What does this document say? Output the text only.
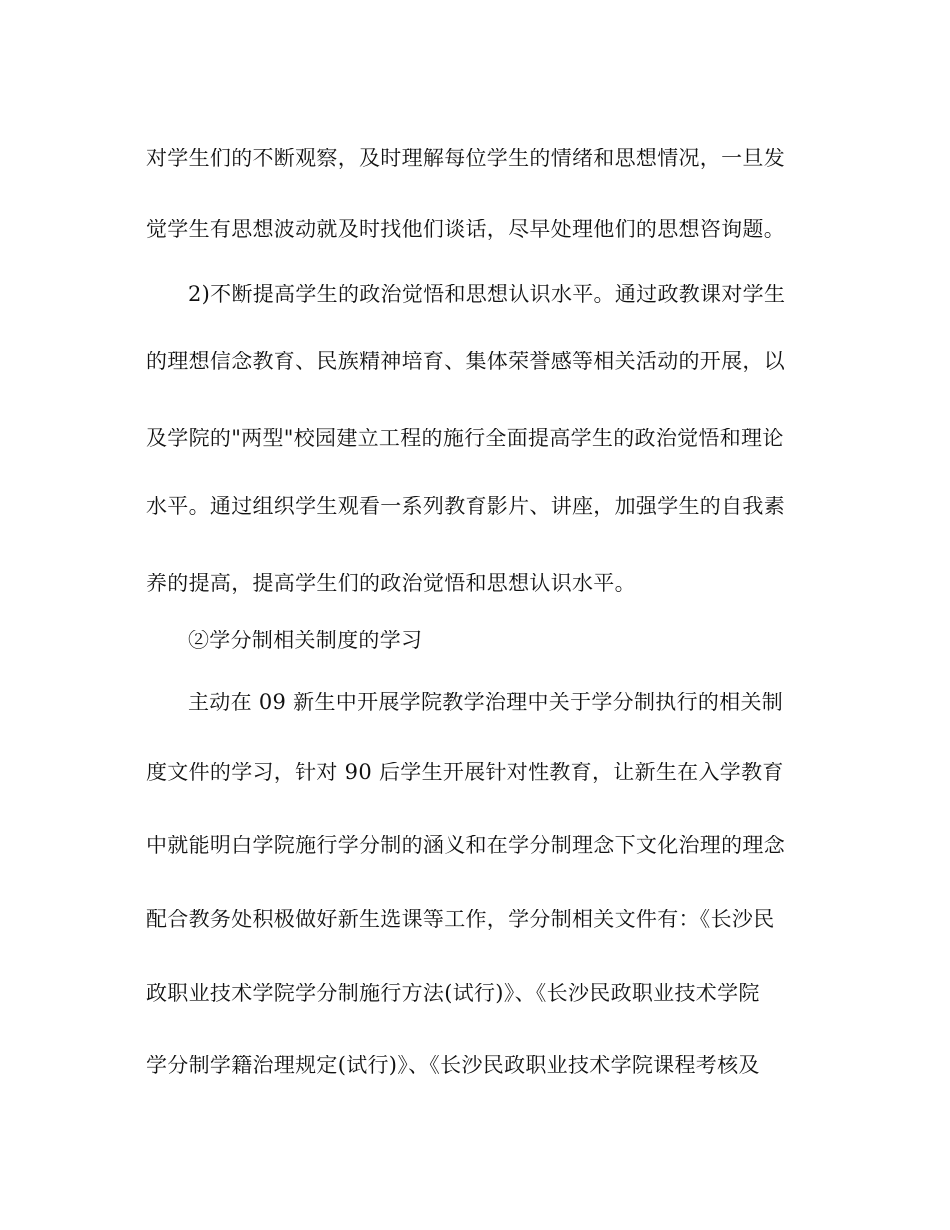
对学生们的不断观察，及时理解每位学生的情绪和思想情况，一旦发
觉学生有思想波动就及时找他们谈话，尽早处理他们的思想咨询题。
2)不断提高学生的政治觉悟和思想认识水平。通过政教课对学生
的理想信念教育、民族精神培育、集体荣誉感等相关活动的开展，以
及学院的"两型"校园建立工程的施行全面提高学生的政治觉悟和理论
水平。通过组织学生观看一系列教育影片、讲座，加强学生的自我素
养的提高，提高学生们的政治觉悟和思想认识水平。
②学分制相关制度的学习
主动在 09 新生中开展学院教学治理中关于学分制执行的相关制
度文件的学习，针对 90 后学生开展针对性教育，让新生在入学教育
中就能明白学院施行学分制的涵义和在学分制理念下文化治理的理念
配合教务处积极做好新生选课等工作，学分制相关文件有：《长沙民
政职业技术学院学分制施行方法(试行)》、《长沙民政职业技术学院
学分制学籍治理规定(试行)》、《长沙民政职业技术学院课程考核及
